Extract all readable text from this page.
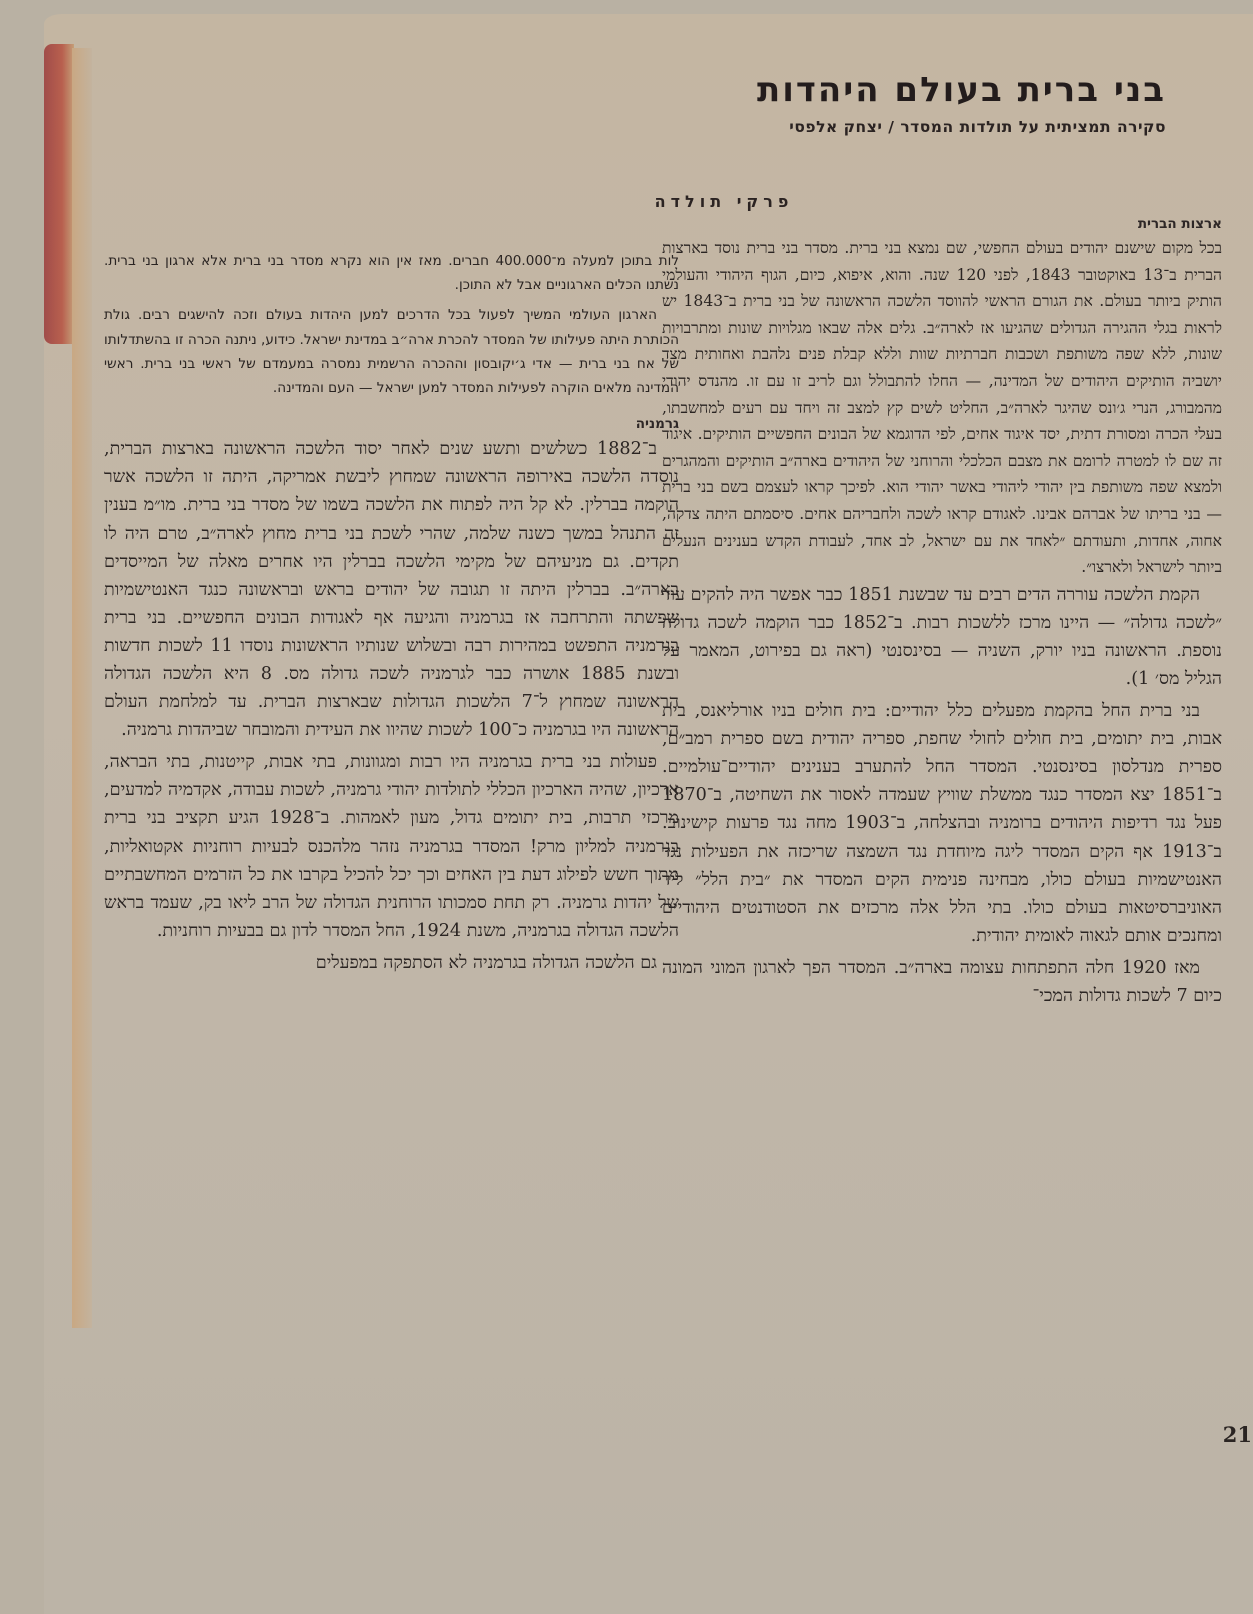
בני ברית בעולם היהדות
סקירה תמציתית על תולדות המסדר / יצחק אלפסי
פרקי תולדה
ארצות הברית

בכל מקום שישנם יהודים בעולם החפשי, שם נמצא בני ברית. מסדר בני ברית נוסד בארצות הברית ב־13 באוקטובר 1843, לפני 120 שנה. והוא, איפוא, כיום, הגוף היהודי והעולמי הותיק ביותר בעולם. את הגורם הראשי להווסד הלשכה הראשונה של בני ברית ב־1843 יש לראות בגלי ההגירה הגדולים שהגיעו אז לארה״ב. גלים אלה שבאו מגלויות שונות ומתרבויות שונות, ללא שפה משותפת ושכבות חברתיות שוות וללא קבלת פנים נלהבת ואחותית מצד יושביה הותיקים היהודים של המדינה, — החלו להתבולל וגם לריב זו עם זו. מהנדס יהודי מהמבורג, הנרי ג׳ונס שהיגר לארה״ב, החליט לשים קץ למצב זה ויחד עם רעים למחשבתו, בעלי הכרה ומסורת דתית, יסד איגוד אחים, לפי הדוגמא של הבונים החפשיים הותיקים. איגוד זה שם לו למטרה לרומם את מצבם הכלכלי והרוחני של היהודים בארה״ב הותיקים והמהגרים ולמצא שפה משותפת בין יהודי ליהודי באשר יהודי הוא. לפיכך קראו לעצמם בשם בני ברית — בני בריתו של אברהם אבינו. לאגודם קראו לשכה ולחבריהם אחים. סיסמתם היתה צדקה, אחוה, אחדות, ותעודתם ״לאחד את עם ישראל, לב אחד, לעבודת הקדש בענינים הנעלים ביותר לישראל ולארצו״.

הקמת הלשכה עוררה הדים רבים עד שבשנת 1851 כבר אפשר היה להקים עוד ״לשכה גדולה״ — היינו מרכז ללשכות רבות. ב־1852 כבר הוקמה לשכה גדולה נוספת. הראשונה בניו יורק, השניה — בסינסנטי (ראה גם בפירוט, המאמר על הגליל מס׳ 1).

בני ברית החל בהקמת מפעלים כלל יהודיים: בית חולים בניו אורליאנס, בית אבות, בית יתומים, בית חולים לחולי שחפת, ספריה יהודית בשם ספרית רמב״ם, ספרית מנדלסון בסינסנטי. המסדר החל להתערב בענינים יהודיים־עולמיים. ב־1851 יצא המסדר כנגד ממשלת שוויץ שעמדה לאסור את השחיטה, ב־1870 פעל נגד רדיפות היהודים ברומניה ובהצלחה, ב־1903 מחה נגד פרעות קישינוב. ב־1913 אף הקים המסדר ליגה מיוחדת נגד השמצה שריכזה את הפעילות נגד האנטישמיות בעולם כולו, מבחינה פנימית הקים המסדר את ״בית הלל״ ליד האוניברסיטאות בעולם כולו. בתי הלל אלה מרכזים את הסטודנטים היהודיים ומחנכים אותם לגאוה לאומית יהודית.

מאז 1920 חלה התפתחות עצומה בארה״ב. המסדר הפך לארגון המוני המונה כיום 7 לשכות גדולות המכי־

לות בתוכן למעלה מ־400.000 חברים. מאז אין הוא נקרא מסדר בני ברית אלא ארגון בני ברית. נשתנו הכלים הארגוניים אבל לא התוכן.

הארגון העולמי המשיך לפעול בכל הדרכים למען היהדות בעולם וזכה להישגים רבים. גולת הכותרת היתה פעילותו של המסדר להכרת ארה״ב במדינת ישראל. כידוע, ניתנה הכרה זו בהשתדלותו של אח בני ברית — אדי ג׳יקובסון וההכרה הרשמית נמסרה במעמדם של ראשי בני ברית. ראשי המדינה מלאים הוקרה לפעילות המסדר למען ישראל — העם והמדינה.

גרמניה

ב־1882 כשלשים ותשע שנים לאחר יסוד הלשכה הראשונה בארצות הברית, נוסדה הלשכה באירופה הראשונה שמחוץ ליבשת אמריקה, היתה זו הלשכה אשר הוקמה בברלין. לא קל היה לפתוח את הלשכה בשמו של מסדר בני ברית. מו״מ בענין זה התנהל במשך כשנה שלמה, שהרי לשכת בני ברית מחוץ לארה״ב, טרם היה לו תקדים. גם מניעיהם של מקימי הלשכה בברלין היו אחרים מאלה של המייסדים בארה״ב. בברלין היתה זו תגובה של יהודים בראש ובראשונה כנגד האנטישמיות שפשתה והתרחבה אז בגרמניה והגיעה אף לאגודות הבונים החפשיים. בני ברית בגרמניה התפשט במהירות רבה ובשלוש שנותיו הראשונות נוסדו 11 לשכות חדשות ובשנת 1885 אושרה כבר לגרמניה לשכה גדולה מס. 8 היא הלשכה הגדולה הראשונה שמחוץ ל־7 הלשכות הגדולות שבארצות הברית. עד למלחמת העולם הראשונה היו בגרמניה כ־100 לשכות שהיוו את העידית והמובחר שביהדות גרמניה.

פעולות בני ברית בגרמניה היו רבות ומגוונות, בתי אבות, קייטנות, בתי הבראה, ארכיון, שהיה הארכיון הכללי לתולדות יהודי גרמניה, לשכות עבודה, אקדמיה למדעים, מרכזי תרבות, בית יתומים גדול, מעון לאמהות. ב־1928 הגיע תקציב בני ברית בגרמניה למליון מרק! המסדר בגרמניה נזהר מלהכנס לבעיות רוחניות אקטואליות, מתוך חשש לפילוג דעת בין האחים וכך יכל להכיל בקרבו את כל הזרמים המחשבתיים של יהדות גרמניה. רק תחת סמכותו הרוחנית הגדולה של הרב ליאו בק, שעמד בראש הלשכה הגדולה בגרמניה, משנת 1924, החל המסדר לדון גם בבעיות רוחניות.

גם הלשכה הגדולה בגרמניה לא הסתפקה במפעלים

21
